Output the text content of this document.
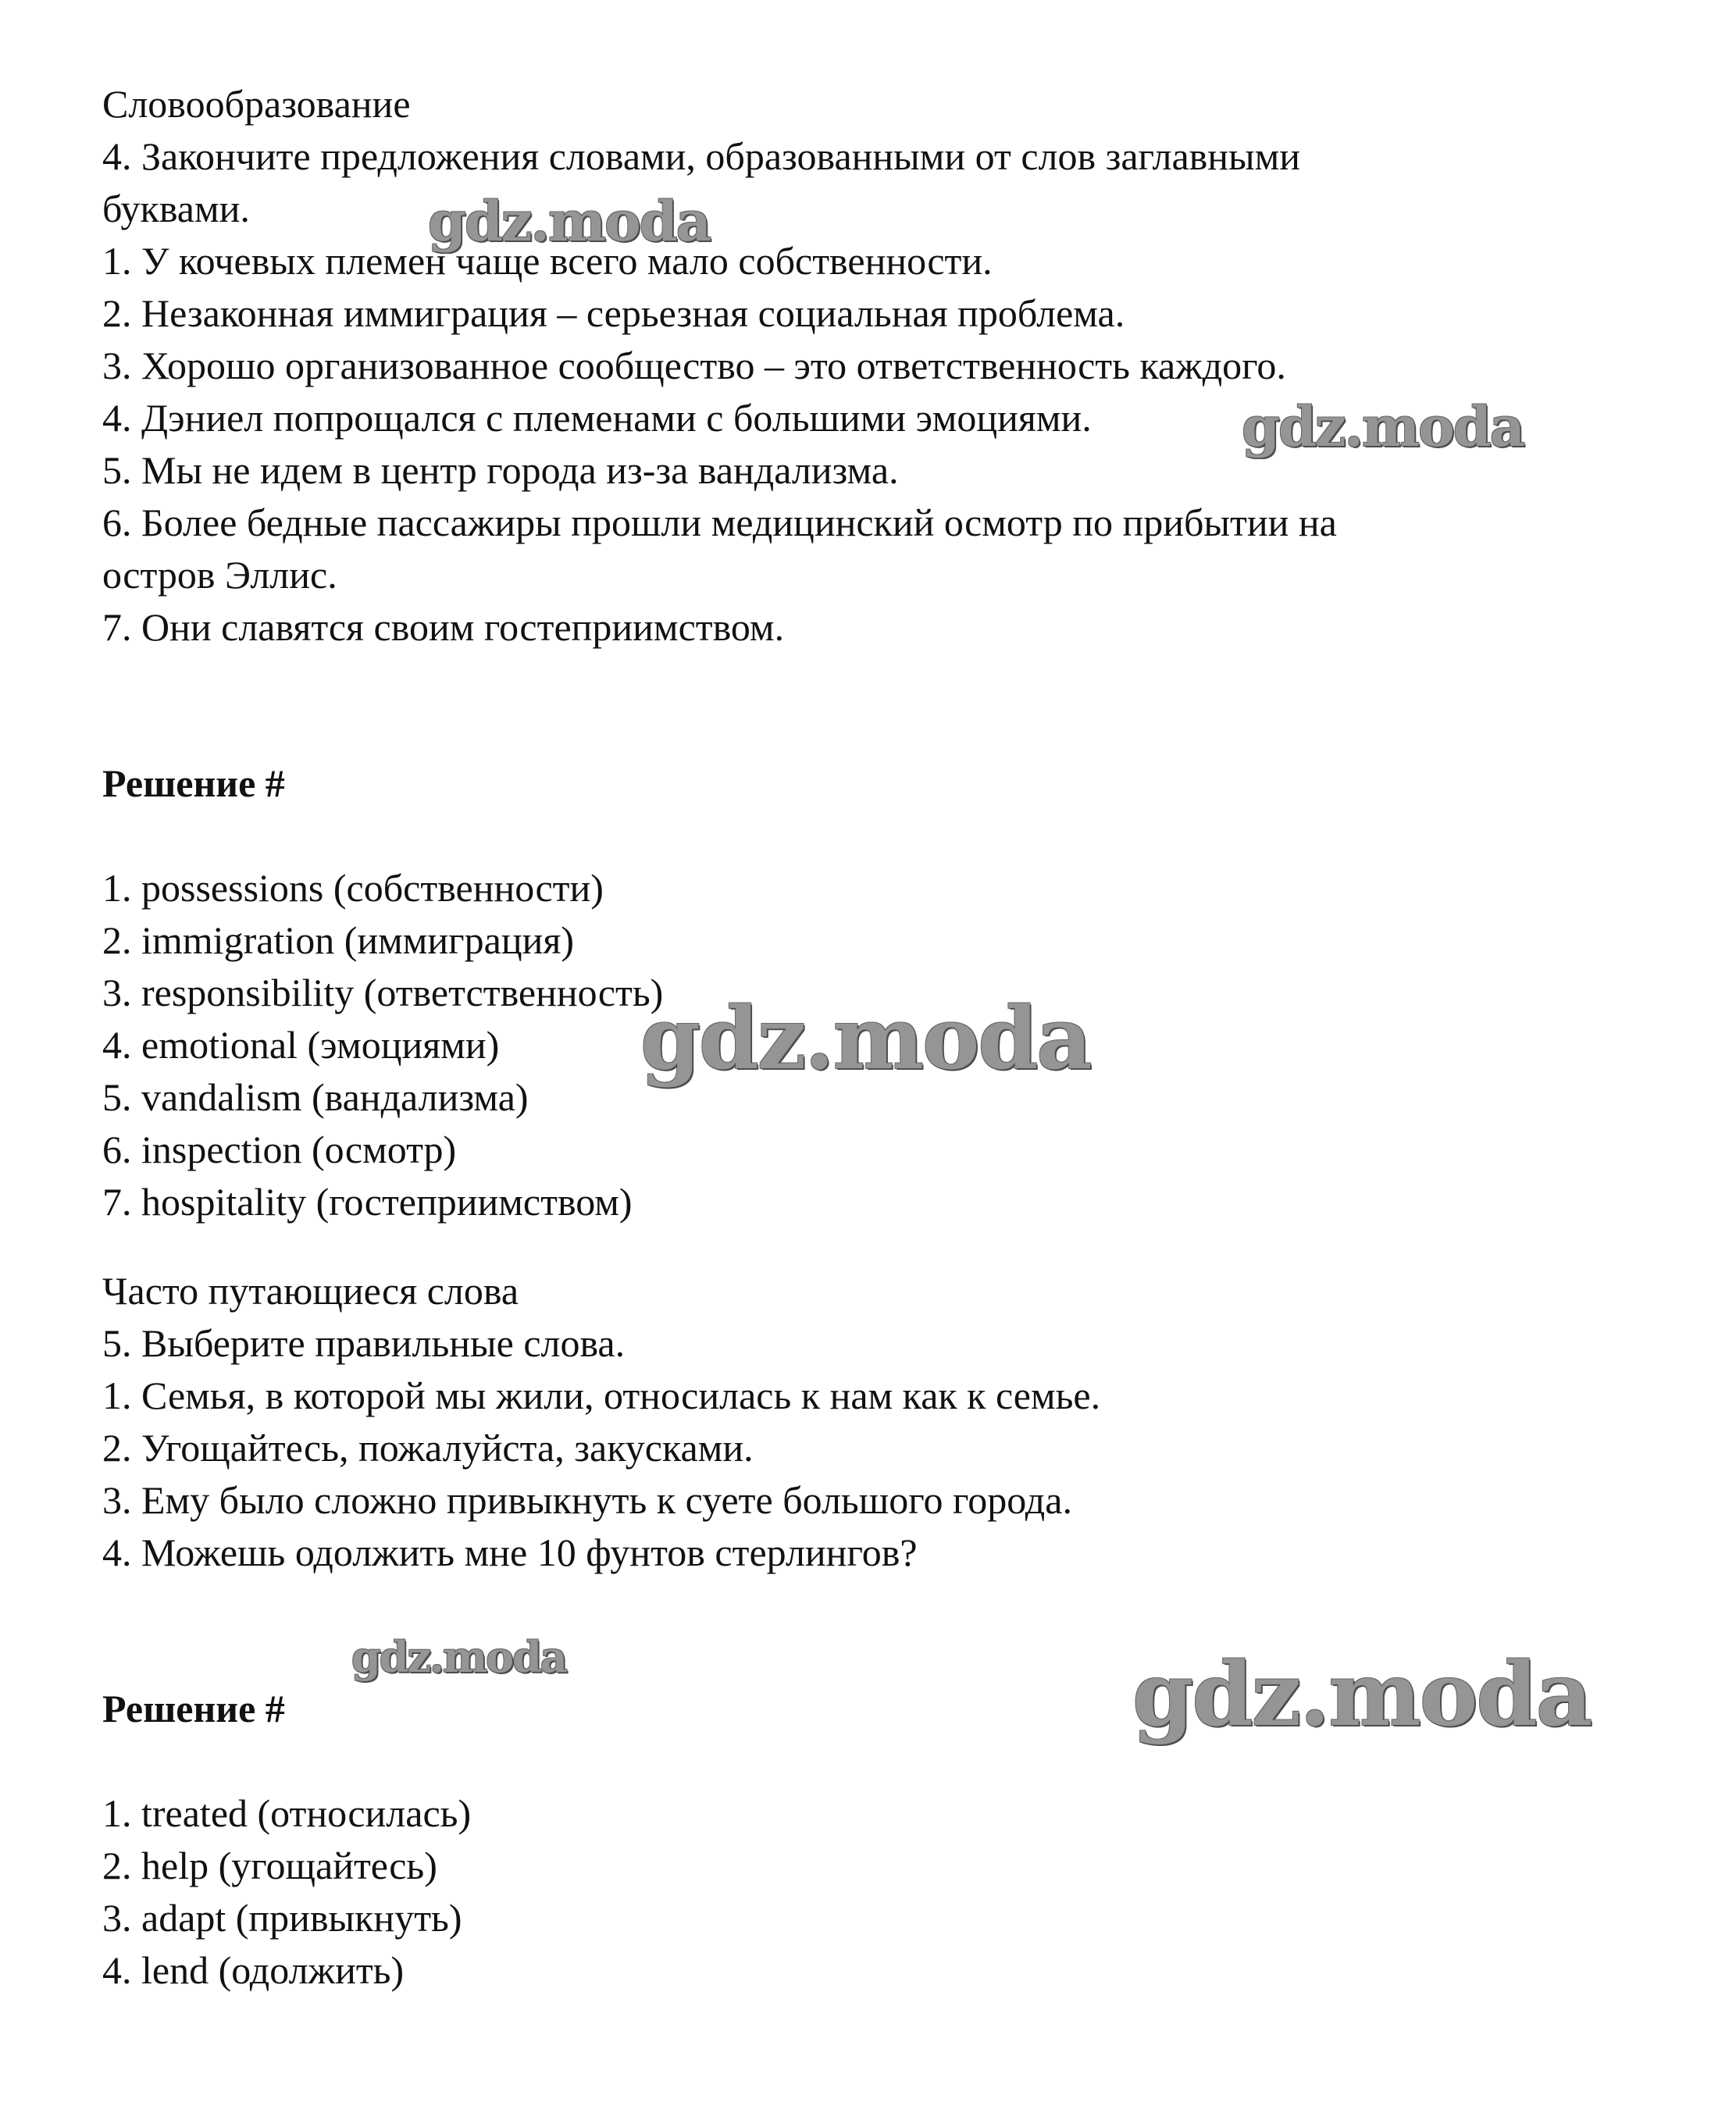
Словообразование
4. Закончите предложения словами, образованными от слов заглавными
буквами.
1. У кочевых племен чаще всего мало собственности.
2. Незаконная иммиграция – серьезная социальная проблема.
3. Хорошо организованное сообщество – это ответственность каждого.
4. Дэниел попрощался с племенами с большими эмоциями.
5. Мы не идем в центр города из-за вандализма.
6. Более бедные пассажиры прошли медицинский осмотр по прибытии на
остров Эллис.
7. Они славятся своим гостеприимством.
Решение #
1. possessions (собственности)
2. immigration (иммиграция)
3. responsibility (ответственность)
4. emotional (эмоциями)
5. vandalism (вандализма)
6. inspection (осмотр)
7. hospitality (гостеприимством)
Часто путающиеся слова
5. Выберите правильные слова.
1. Семья, в которой мы жили, относилась к нам как к семье.
2. Угощайтесь, пожалуйста, закусками.
3. Ему было сложно привыкнуть к суете большого города.
4. Можешь одолжить мне 10 фунтов стерлингов?
Решение #
1. treated (относилась)
2. help (угощайтесь)
3. adapt (привыкнуть)
4. lend (одолжить)
gdz.moda
gdz.moda
gdz.moda
gdz.moda	gdz.moda
